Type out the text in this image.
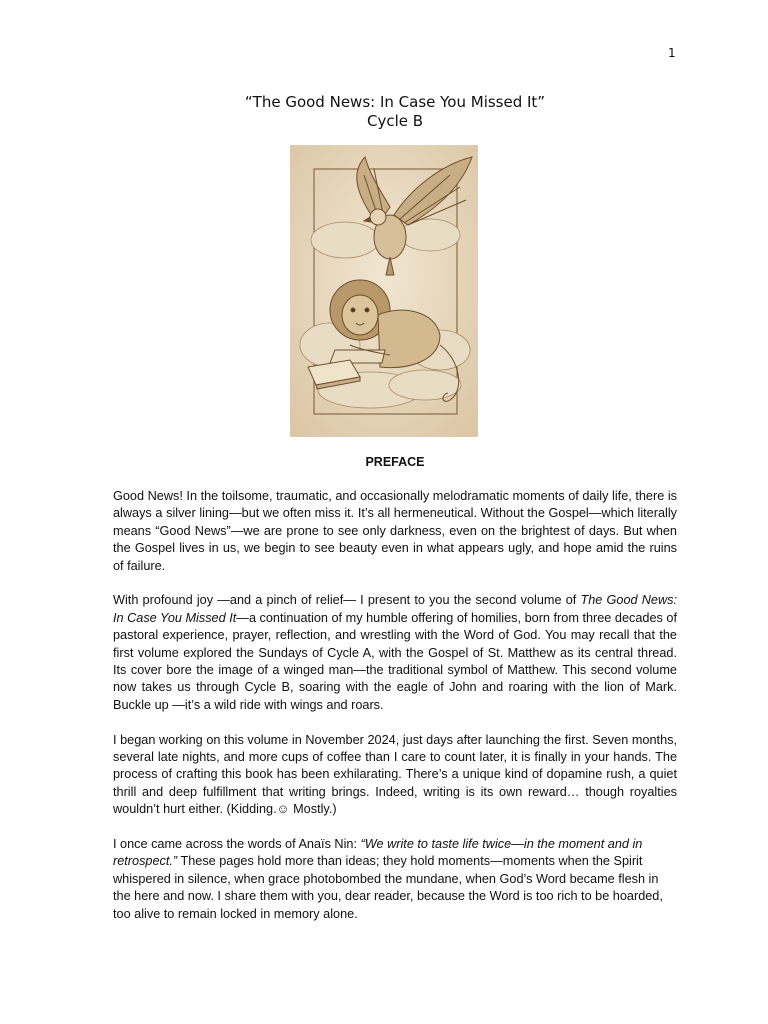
1
“The Good News: In Case You Missed It”
Cycle B
PREFACE

Good News! In the toilsome, traumatic, and occasionally melodramatic moments of daily life, there is always a silver lining—but we often miss it. It’s all hermeneutical. Without the Gospel—which literally means “Good News”—we are prone to see only darkness, even on the brightest of days. But when the Gospel lives in us, we begin to see beauty even in what appears ugly, and hope amid the ruins of failure.

With profound joy —and a pinch of relief— I present to you the second volume of The Good News: In Case You Missed It—a continuation of my humble offering of homilies, born from three decades of pastoral experience, prayer, reflection, and wrestling with the Word of God. You may recall that the first volume explored the Sundays of Cycle A, with the Gospel of St. Matthew as its central thread. Its cover bore the image of a winged man—the traditional symbol of Matthew. This second volume now takes us through Cycle B, soaring with the eagle of John and roaring with the lion of Mark. Buckle up —it’s a wild ride with wings and roars.

I began working on this volume in November 2024, just days after launching the first. Seven months, several late nights, and more cups of coffee than I care to count later, it is finally in your hands. The process of crafting this book has been exhilarating. There’s a unique kind of dopamine rush, a quiet thrill and deep fulfillment that writing brings. Indeed, writing is its own reward… though royalties wouldn’t hurt either. (Kidding.☺ Mostly.)

I once came across the words of Anaïs Nin: “We write to taste life twice—in the moment and in retrospect.” These pages hold more than ideas; they hold moments—moments when the Spirit whispered in silence, when grace photobombed the mundane, when God’s Word became flesh in the here and now. I share them with you, dear reader, because the Word is too rich to be hoarded, too alive to remain locked in memory alone.
